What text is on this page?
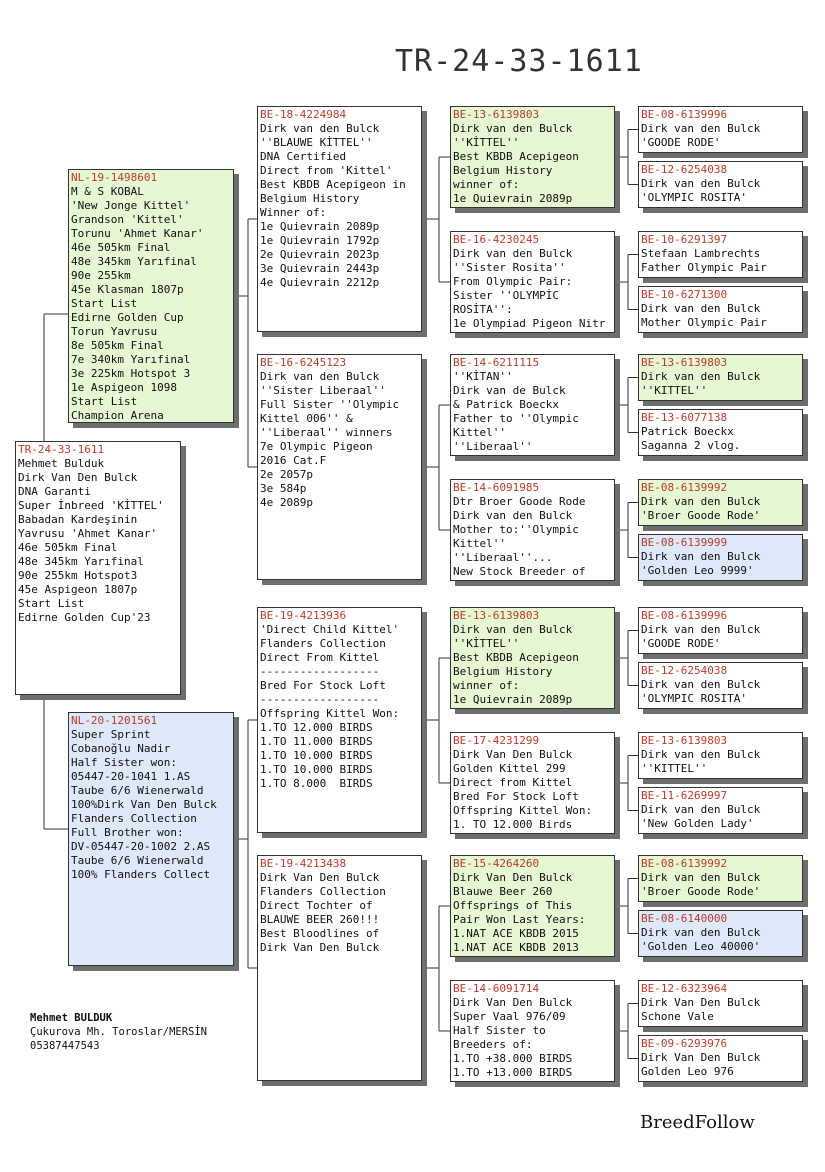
TR-24-33-1611
TR-24-33-1611
Mehmet Bulduk
Dirk Van Den Bulck
DNA Garanti
Super İnbreed 'KİTTEL'
Babadan Kardeşinin
Yavrusu 'Ahmet Kanar'
46e 505km Final
48e 345km Yarıfinal
90e 255km Hotspot3
45e Aspigeon 1807p
Start List
Edirne Golden Cup'23
NL-19-1498601
M & S KOBAL
'New Jonge Kittel'
Grandson 'Kittel'
Torunu 'Ahmet Kanar'
46e 505km Final
48e 345km Yarıfinal
90e 255km
45e Klasman 1807p
Start List
Edirne Golden Cup
Torun Yavrusu
8e 505km Final
7e 340km Yarıfinal
3e 225km Hotspot 3
1e Aspigeon 1098
Start List
Champion Arena
NL-20-1201561
Super Sprint
Cobanoğlu Nadir
Half Sister won:
05447-20-1041 1.AS
Taube 6/6 Wienerwald
100%Dirk Van Den Bulck
Flanders Collection
Full Brother won:
DV-05447-20-1002 2.AS
Taube 6/6 Wienerwald
100% Flanders Collect
BE-18-4224984
Dirk van den Bulck
''BLAUWE KİTTEL''
DNA Certified
Direct from 'Kittel'
Best KBDB Acepigeon in
Belgium History
Winner of:
1e Quievrain 2089p
1e Quievrain 1792p
2e Quievrain 2023p
3e Quievrain 2443p
4e Quievrain 2212p
BE-16-6245123
Dirk van den Bulck
''Sister Liberaal''
Full Sister ''Olympic
Kittel 006'' &
''Liberaal'' winners
7e Olympic Pigeon
2016 Cat.F
2e 2057p
3e 584p
4e 2089p
BE-19-4213936
'Direct Child Kittel'
Flanders Collection
Direct From Kittel
------------------
Bred For Stock Loft
------------------
Offspring Kittel Won:
1.TO 12.000 BIRDS
1.TO 11.000 BIRDS
1.TO 10.000 BIRDS
1.TO 10.000 BIRDS
1.TO 8.000  BIRDS
BE-19-4213438
Dirk Van Den Bulck
Flanders Collection
Direct Tochter of
BLAUWE BEER 260!!!
Best Bloodlines of
Dirk Van Den Bulck
BE-13-6139803
Dirk van den Bulck
''KİTTEL''
Best KBDB Acepigeon
Belgium History
winner of:
1e Quievrain 2089p
BE-16-4230245
Dirk van den Bulck
''Sister Rosita''
From Olympic Pair:
Sister ''OLYMPİC
ROSİTA'':
1e Olympiad Pigeon Nitr
BE-14-6211115
''KİTAN''
Dirk van de Bulck
& Patrick Boeckx
Father to ''Olympic
Kittel''
''Liberaal''
BE-14-6091985
Dtr Broer Goode Rode
Dirk van den Bulck
Mother to:''Olympic
Kittel''
''Liberaal''...
New Stock Breeder of
BE-13-6139803
Dirk van den Bulck
''KİTTEL''
Best KBDB Acepigeon
Belgium History
winner of:
1e Quievrain 2089p
BE-17-4231299
Dirk Van Den Bulck
Golden Kittel 299
Direct from Kittel
Bred For Stock Loft
Offspring Kittel Won:
1. TO 12.000 Birds
BE-15-4264260
Dirk Van Den Bulck
Blauwe Beer 260
Offsprings of This
Pair Won Last Years:
1.NAT ACE KBDB 2015
1.NAT ACE KBDB 2013
BE-14-6091714
Dirk Van Den Bulck
Super Vaal 976/09
Half Sister to
Breeders of:
1.TO +38.000 BIRDS
1.TO +13.000 BIRDS
BE-08-6139996
Dirk van den Bulck
'GOODE RODE'
BE-12-6254038
Dirk van den Bulck
'OLYMPIC ROSITA'
BE-10-6291397
Stefaan Lambrechts
Father Olympic Pair
BE-10-6271300
Dirk van den Bulck
Mother Olympic Pair
BE-13-6139803
Dirk van den Bulck
''KITTEL''
BE-13-6077138
Patrick Boeckx
Saganna 2 vlog.
BE-08-6139992
Dirk van den Bulck
'Broer Goode Rode'
BE-08-6139999
Dirk van den Bulck
'Golden Leo 9999'
BE-08-6139996
Dirk van den Bulck
'GOODE RODE'
BE-12-6254038
Dirk van den Bulck
'OLYMPIC ROSITA'
BE-13-6139803
Dirk van den Bulck
''KITTEL''
BE-11-6269997
Dirk van den Bulck
'New Golden Lady'
BE-08-6139992
Dirk van den Bulck
'Broer Goode Rode'
BE-08-6140000
Dirk van den Bulck
'Golden Leo 40000'
BE-12-6323964
Dirk Van Den Bulck
Schone Vale
BE-09-6293976
Dirk Van Den Bulck
Golden Leo 976
Mehmet BULDUK
Çukurova Mh. Toroslar/MERSİN
05387447543
BreedFollow
